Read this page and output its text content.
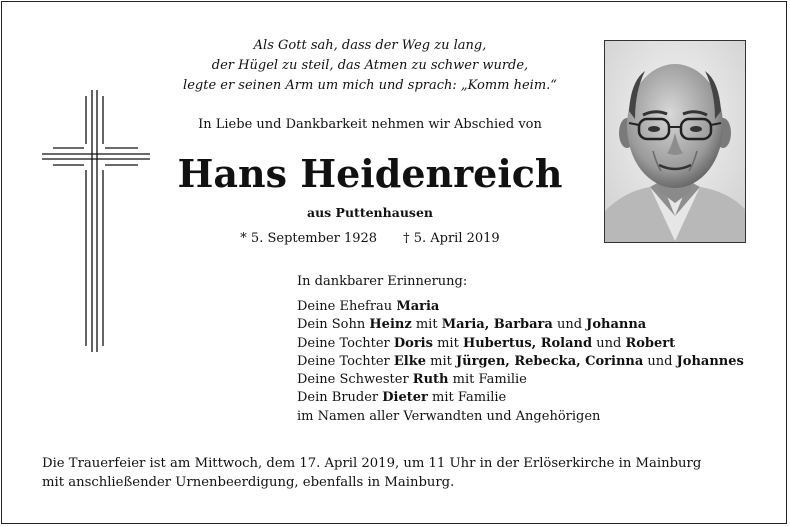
Als Gott sah, dass der Weg zu lang,
der Hügel zu steil, das Atmen zu schwer wurde,
legte er seinen Arm um mich und sprach: „Komm heim.“
In Liebe und Dankbarkeit nehmen wir Abschied von
Hans Heidenreich
aus Puttenhausen
* 5. September 1928 † 5. April 2019
In dankbarer Erinnerung:
Deine Ehefrau Maria
Dein Sohn Heinz mit Maria, Barbara und Johanna
Deine Tochter Doris mit Hubertus, Roland und Robert
Deine Tochter Elke mit Jürgen, Rebecka, Corinna und Johannes
Deine Schwester Ruth mit Familie
Dein Bruder Dieter mit Familie
im Namen aller Verwandten und Angehörigen
Die Trauerfeier ist am Mittwoch, dem 17. April 2019, um 11 Uhr in der Erlöserkirche in Mainburg
mit anschließender Urnenbeerdigung, ebenfalls in Mainburg.
